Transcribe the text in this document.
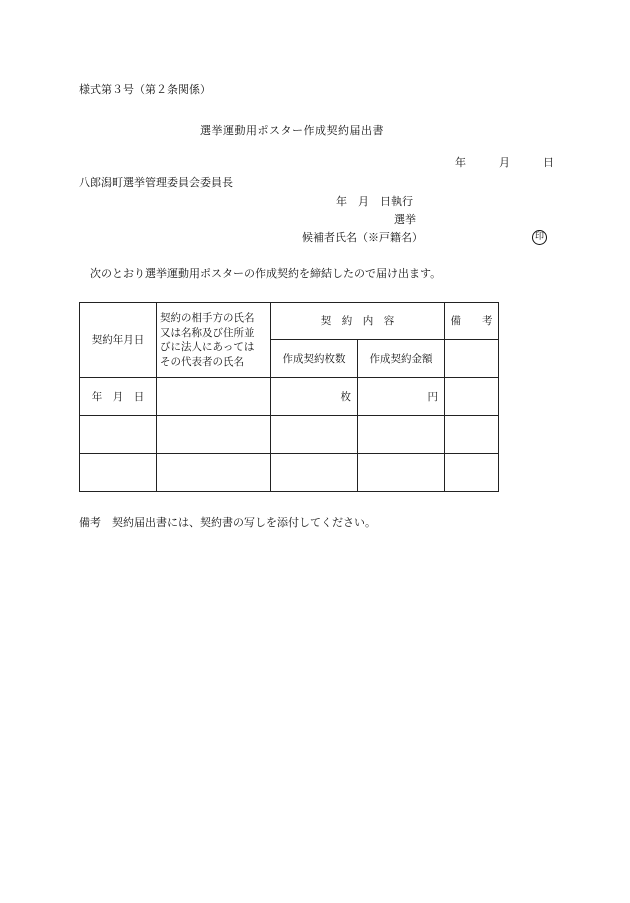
様式第３号（第２条関係）
選挙運動用ポスター作成契約届出書
年	月	日
八郎潟町選挙管理委員会委員長
年　月　日執行
選挙
候補者氏名（※戸籍名）	印
次のとおり選挙運動用ポスターの作成契約を締結したので届け出ます。
契約年月日	契約の相手方の氏名
又は名称及び住所並
びに法人にあっては
その代表者の氏名	契　約　内　容		備　　考
		作成契約枚数	作成契約金額	
年　月　日		枚	円	

備考　契約届出書には、契約書の写しを添付してください。
